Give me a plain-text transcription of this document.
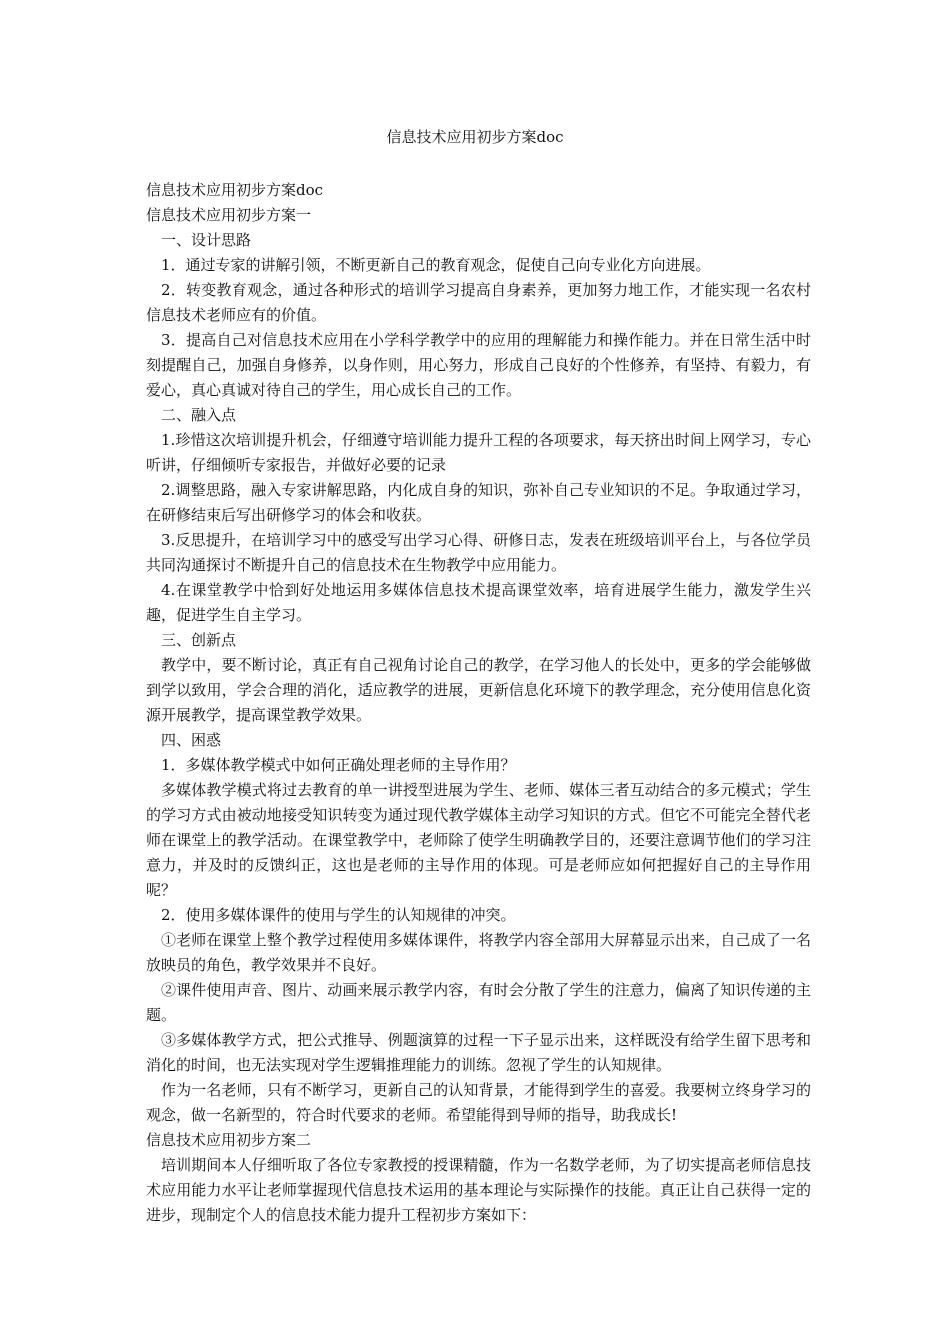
信息技术应用初步方案doc

信息技术应用初步方案doc

信息技术应用初步方案一

一、设计思路

1．通过专家的讲解引领，不断更新自己的教育观念，促使自己向专业化方向进展。

2．转变教育观念，通过各种形式的培训学习提高自身素养，更加努力地工作，才能实现一名农村信息技术老师应有的价值。

3．提高自己对信息技术应用在小学科学教学中的应用的理解能力和操作能力。并在日常生活中时刻提醒自己，加强自身修养，以身作则，用心努力，形成自己良好的个性修养，有坚持、有毅力，有爱心，真心真诚对待自己的学生，用心成长自己的工作。

二、融入点

1.珍惜这次培训提升机会，仔细遵守培训能力提升工程的各项要求，每天挤出时间上网学习，专心听讲，仔细倾听专家报告，并做好必要的记录

2.调整思路，融入专家讲解思路，内化成自身的知识，弥补自己专业知识的不足。争取通过学习，在研修结束后写出研修学习的体会和收获。

3.反思提升，在培训学习中的感受写出学习心得、研修日志，发表在班级培训平台上，与各位学员共同沟通探讨不断提升自己的信息技术在生物教学中应用能力。

4.在课堂教学中恰到好处地运用多媒体信息技术提高课堂效率，培育进展学生能力，激发学生兴趣，促进学生自主学习。

三、创新点

教学中，要不断讨论，真正有自己视角讨论自己的教学，在学习他人的长处中，更多的学会能够做到学以致用，学会合理的消化，适应教学的进展，更新信息化环境下的教学理念，充分使用信息化资源开展教学，提高课堂教学效果。

四、困惑

1．多媒体教学模式中如何正确处理老师的主导作用？

多媒体教学模式将过去教育的单一讲授型进展为学生、老师、媒体三者互动结合的多元模式；学生的学习方式由被动地接受知识转变为通过现代教学媒体主动学习知识的方式。但它不可能完全替代老师在课堂上的教学活动。在课堂教学中，老师除了使学生明确教学目的，还要注意调节他们的学习注意力，并及时的反馈纠正，这也是老师的主导作用的体现。可是老师应如何把握好自己的主导作用呢？

2．使用多媒体课件的使用与学生的认知规律的冲突。

①老师在课堂上整个教学过程使用多媒体课件，将教学内容全部用大屏幕显示出来，自己成了一名放映员的角色，教学效果并不良好。

②课件使用声音、图片、动画来展示教学内容，有时会分散了学生的注意力，偏离了知识传递的主题。

③多媒体教学方式，把公式推导、例题演算的过程一下子显示出来，这样既没有给学生留下思考和消化的时间，也无法实现对学生逻辑推理能力的训练。忽视了学生的认知规律。

作为一名老师，只有不断学习，更新自己的认知背景，才能得到学生的喜爱。我要树立终身学习的观念，做一名新型的，符合时代要求的老师。希望能得到导师的指导，助我成长!

信息技术应用初步方案二

培训期间本人仔细听取了各位专家教授的授课精髓，作为一名数学老师，为了切实提高老师信息技术应用能力水平让老师掌握现代信息技术运用的基本理论与实际操作的技能。真正让自己获得一定的进步，现制定个人的信息技术能力提升工程初步方案如下：
